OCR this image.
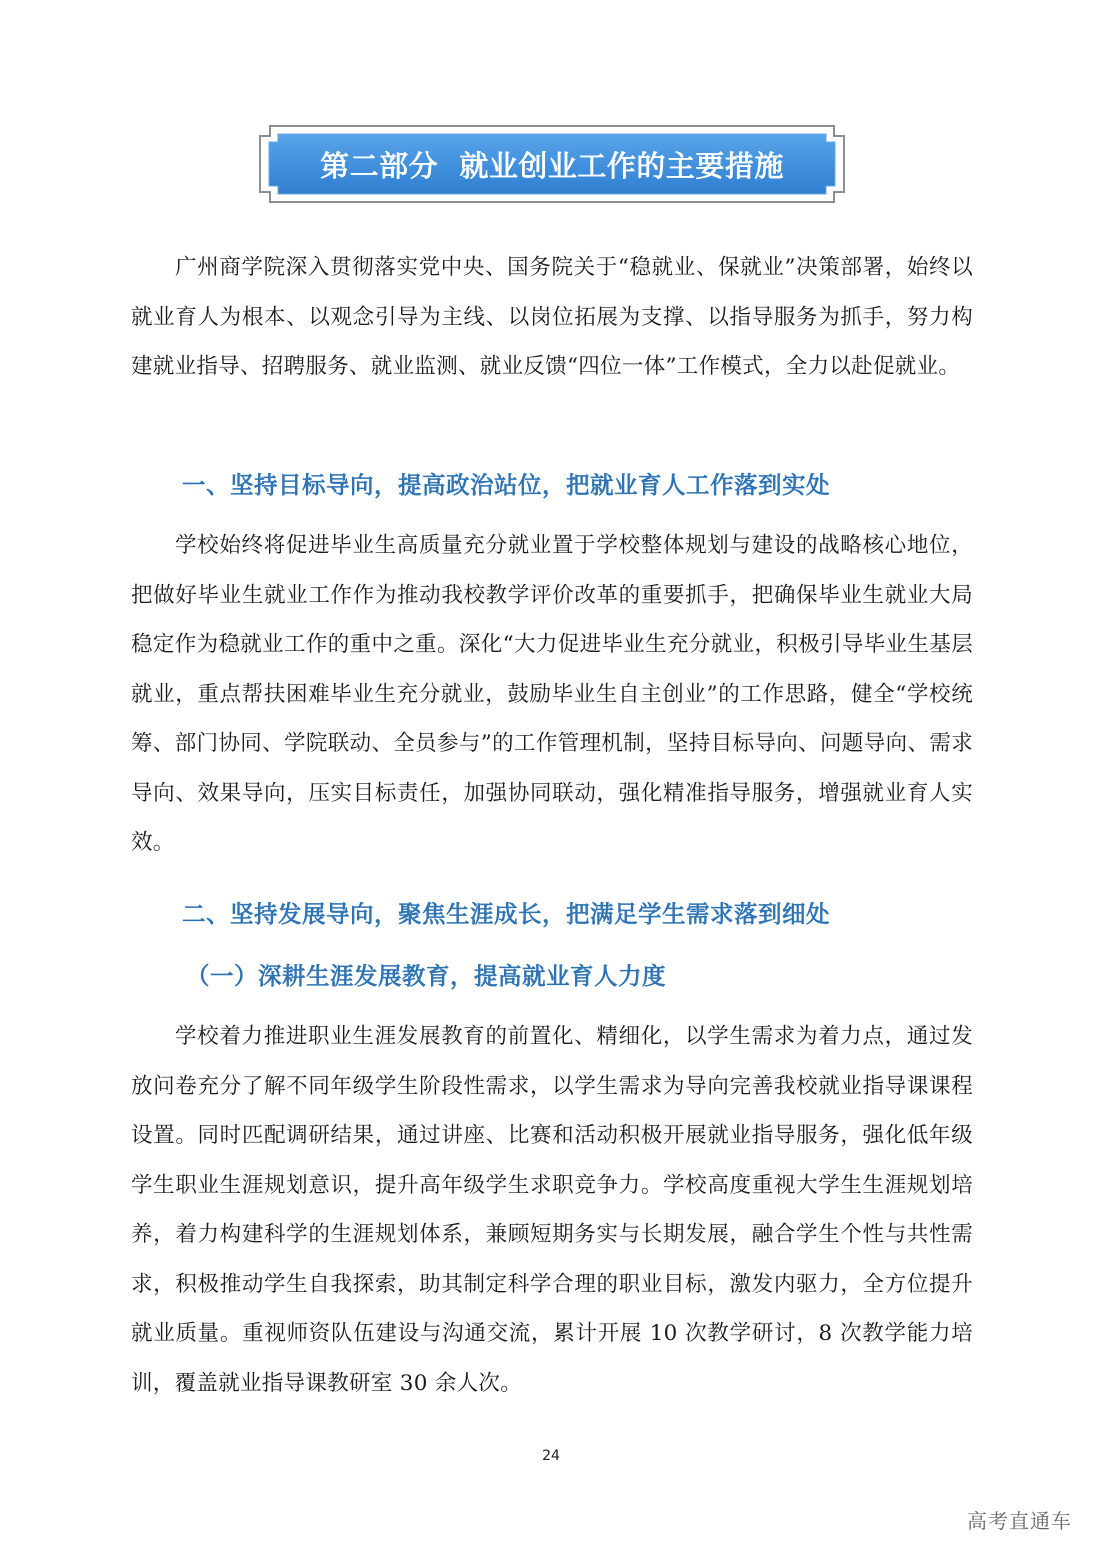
第二部分  就业创业工作的主要措施

广州商学院深入贯彻落实党中央、国务院关于“稳就业、保就业”决策部署，始终以就业育人为根本、以观念引导为主线、以岗位拓展为支撑、以指导服务为抓手，努力构建就业指导、招聘服务、就业监测、就业反馈“四位一体”工作模式，全力以赴促就业。

一、坚持目标导向，提高政治站位，把就业育人工作落到实处

学校始终将促进毕业生高质量充分就业置于学校整体规划与建设的战略核心地位，把做好毕业生就业工作作为推动我校教学评价改革的重要抓手，把确保毕业生就业大局稳定作为稳就业工作的重中之重。深化“大力促进毕业生充分就业，积极引导毕业生基层就业，重点帮扶困难毕业生充分就业，鼓励毕业生自主创业”的工作思路，健全“学校统筹、部门协同、学院联动、全员参与”的工作管理机制，坚持目标导向、问题导向、需求导向、效果导向，压实目标责任，加强协同联动，强化精准指导服务，增强就业育人实效。

二、坚持发展导向，聚焦生涯成长，把满足学生需求落到细处
（一）深耕生涯发展教育，提高就业育人力度

学校着力推进职业生涯发展教育的前置化、精细化，以学生需求为着力点，通过发放问卷充分了解不同年级学生阶段性需求，以学生需求为导向完善我校就业指导课课程设置。同时匹配调研结果，通过讲座、比赛和活动积极开展就业指导服务，强化低年级学生职业生涯规划意识，提升高年级学生求职竞争力。学校高度重视大学生生涯规划培养，着力构建科学的生涯规划体系，兼顾短期务实与长期发展，融合学生个性与共性需求，积极推动学生自我探索，助其制定科学合理的职业目标，激发内驱力，全方位提升就业质量。重视师资队伍建设与沟通交流，累计开展 10 次教学研讨，8 次教学能力培训，覆盖就业指导课教研室 30 余人次。

24
高考直通车
